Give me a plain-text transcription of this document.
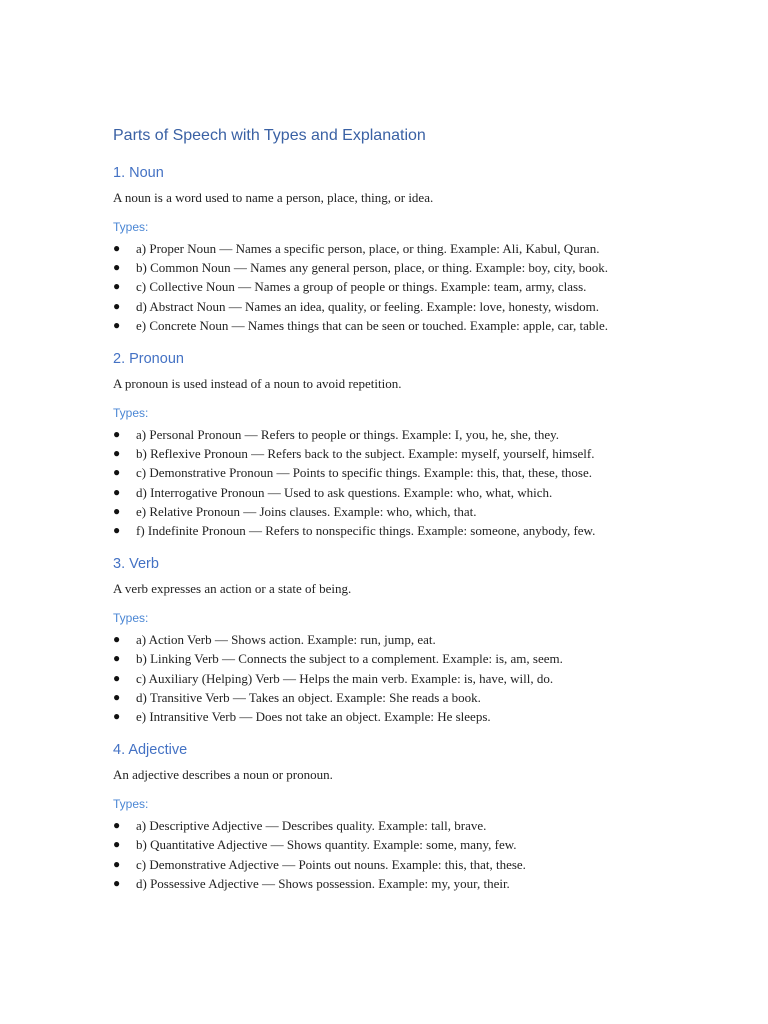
Parts of Speech with Types and Explanation
1. Noun

A noun is a word used to name a person, place, thing, or idea.

Types:
● a) Proper Noun — Names a specific person, place, or thing. Example: Ali, Kabul, Quran.
● b) Common Noun — Names any general person, place, or thing. Example: boy, city, book.
● c) Collective Noun — Names a group of people or things. Example: team, army, class.
● d) Abstract Noun — Names an idea, quality, or feeling. Example: love, honesty, wisdom.
● e) Concrete Noun — Names things that can be seen or touched. Example: apple, car, table.
2. Pronoun

A pronoun is used instead of a noun to avoid repetition.

Types:
● a) Personal Pronoun — Refers to people or things. Example: I, you, he, she, they.
● b) Reflexive Pronoun — Refers back to the subject. Example: myself, yourself, himself.
● c) Demonstrative Pronoun — Points to specific things. Example: this, that, these, those.
● d) Interrogative Pronoun — Used to ask questions. Example: who, what, which.
● e) Relative Pronoun — Joins clauses. Example: who, which, that.
● f) Indefinite Pronoun — Refers to nonspecific things. Example: someone, anybody, few.
3. Verb

A verb expresses an action or a state of being.

Types:
● a) Action Verb — Shows action. Example: run, jump, eat.
● b) Linking Verb — Connects the subject to a complement. Example: is, am, seem.
● c) Auxiliary (Helping) Verb — Helps the main verb. Example: is, have, will, do.
● d) Transitive Verb — Takes an object. Example: She reads a book.
● e) Intransitive Verb — Does not take an object. Example: He sleeps.
4. Adjective

An adjective describes a noun or pronoun.

Types:
● a) Descriptive Adjective — Describes quality. Example: tall, brave.
● b) Quantitative Adjective — Shows quantity. Example: some, many, few.
● c) Demonstrative Adjective — Points out nouns. Example: this, that, these.
● d) Possessive Adjective — Shows possession. Example: my, your, their.
